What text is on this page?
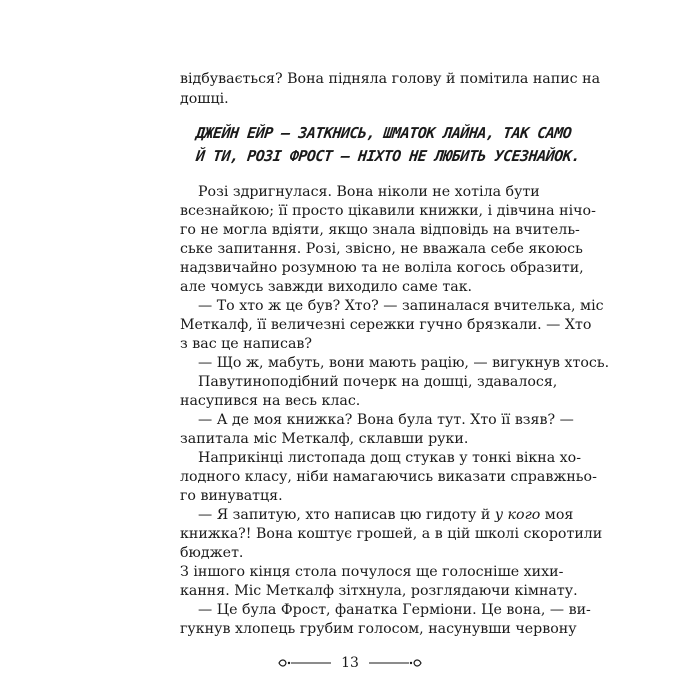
відбувається? Вона підняла голову й помітила напис на
дошці.
ДЖЕЙН ЕЙР – ЗАТКНИСЬ, ШМАТОК ЛАЙНА, ТАК САМО
Й ТИ, РОЗІ ФРОСТ – НІХТО НЕ ЛЮБИТЬ УСЕЗНАЙОК.
Розі здригнулася. Вона ніколи не хотіла бути
всезнайкою; її просто цікавили книжки, і дівчина нічо-
го не могла вдіяти, якщо знала відповідь на вчитель-
ське запитання. Розі, звісно, не вважала себе якоюсь
надзвичайно розумною та не воліла когось образити,
але чомусь завжди виходило саме так.
— То хто ж це був? Хто? — запиналася вчителька, міс
Меткалф, її величезні сережки гучно брязкали. — Хто
з вас це написав?
— Що ж, мабуть, вони мають рацію, — вигукнув хтось.
Павутиноподібний почерк на дошці, здавалося,
насупився на весь клас.
— А де моя книжка? Вона була тут. Хто її взяв? —
запитала міс Меткалф, склавши руки.
Наприкінці листопада дощ стукав у тонкі вікна хо-
лодного класу, ніби намагаючись виказати справжньо-
го винуватця.
— Я запитую, хто написав цю гидоту й у кого моя
книжка?! Вона коштує грошей, а в цій школі скоротили
бюджет.
З іншого кінця стола почулося ще голосніше хихи-
кання. Міс Меткалф зітхнула, розглядаючи кімнату.
— Це була Фрост, фанатка Герміони. Це вона, — ви-
гукнув хлопець грубим голосом, насунувши червону
13
